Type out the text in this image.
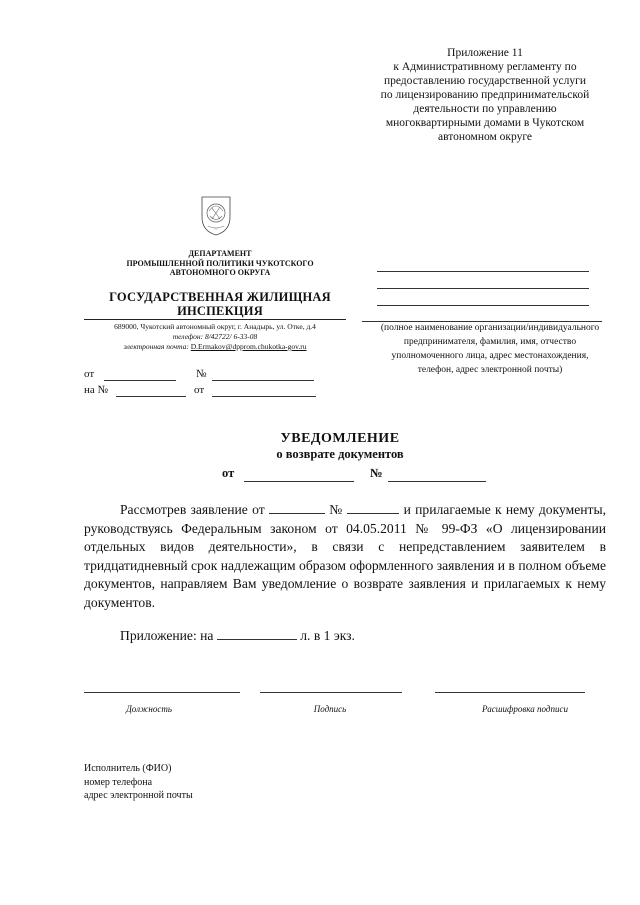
Приложение 11
к Административному регламенту по
предоставлению государственной услуги
по лицензированию предпринимательской
деятельности по управлению
многоквартирными домами в Чукотском
автономном округе
~~~
ДЕПАРТАМЕНТ
ПРОМЫШЛЕННОЙ ПОЛИТИКИ ЧУКОТСКОГО
АВТОНОМНОГО ОКРУГА
ГОСУДАРСТВЕННАЯ ЖИЛИЩНАЯ
ИНСПЕКЦИЯ
689000, Чукотский автономный округ, г. Анадырь, ул. Отке, д.4
телефон: 8/42722/ 6-33-08
электронная почта: D.Ermakov@dpprom.chukotka-gov.ru
от	№
на №	от
(полное наименование организации/индивидуального
предпринимателя, фамилия, имя, отчество
уполномоченного лица, адрес местонахождения,
телефон, адрес электронной почты)
УВЕДОМЛЕНИЕ
о возврате документов
от	№
Рассмотрев заявление от	№	и прилагаемые к нему документы, руководствуясь Федеральным законом от 04.05.2011 № 99-ФЗ «О лицензировании отдельных видов деятельности», в связи с непредставлением заявителем в тридцатидневный срок надлежащим образом оформленного заявления и в полном объеме документов, направляем Вам уведомление о возврате заявления и прилагаемых к нему документов.
Приложение: на	л. в 1 экз.
Должность	Подпись	Расшифровка подписи
Исполнитель (ФИО)
номер телефона
адрес электронной почты
